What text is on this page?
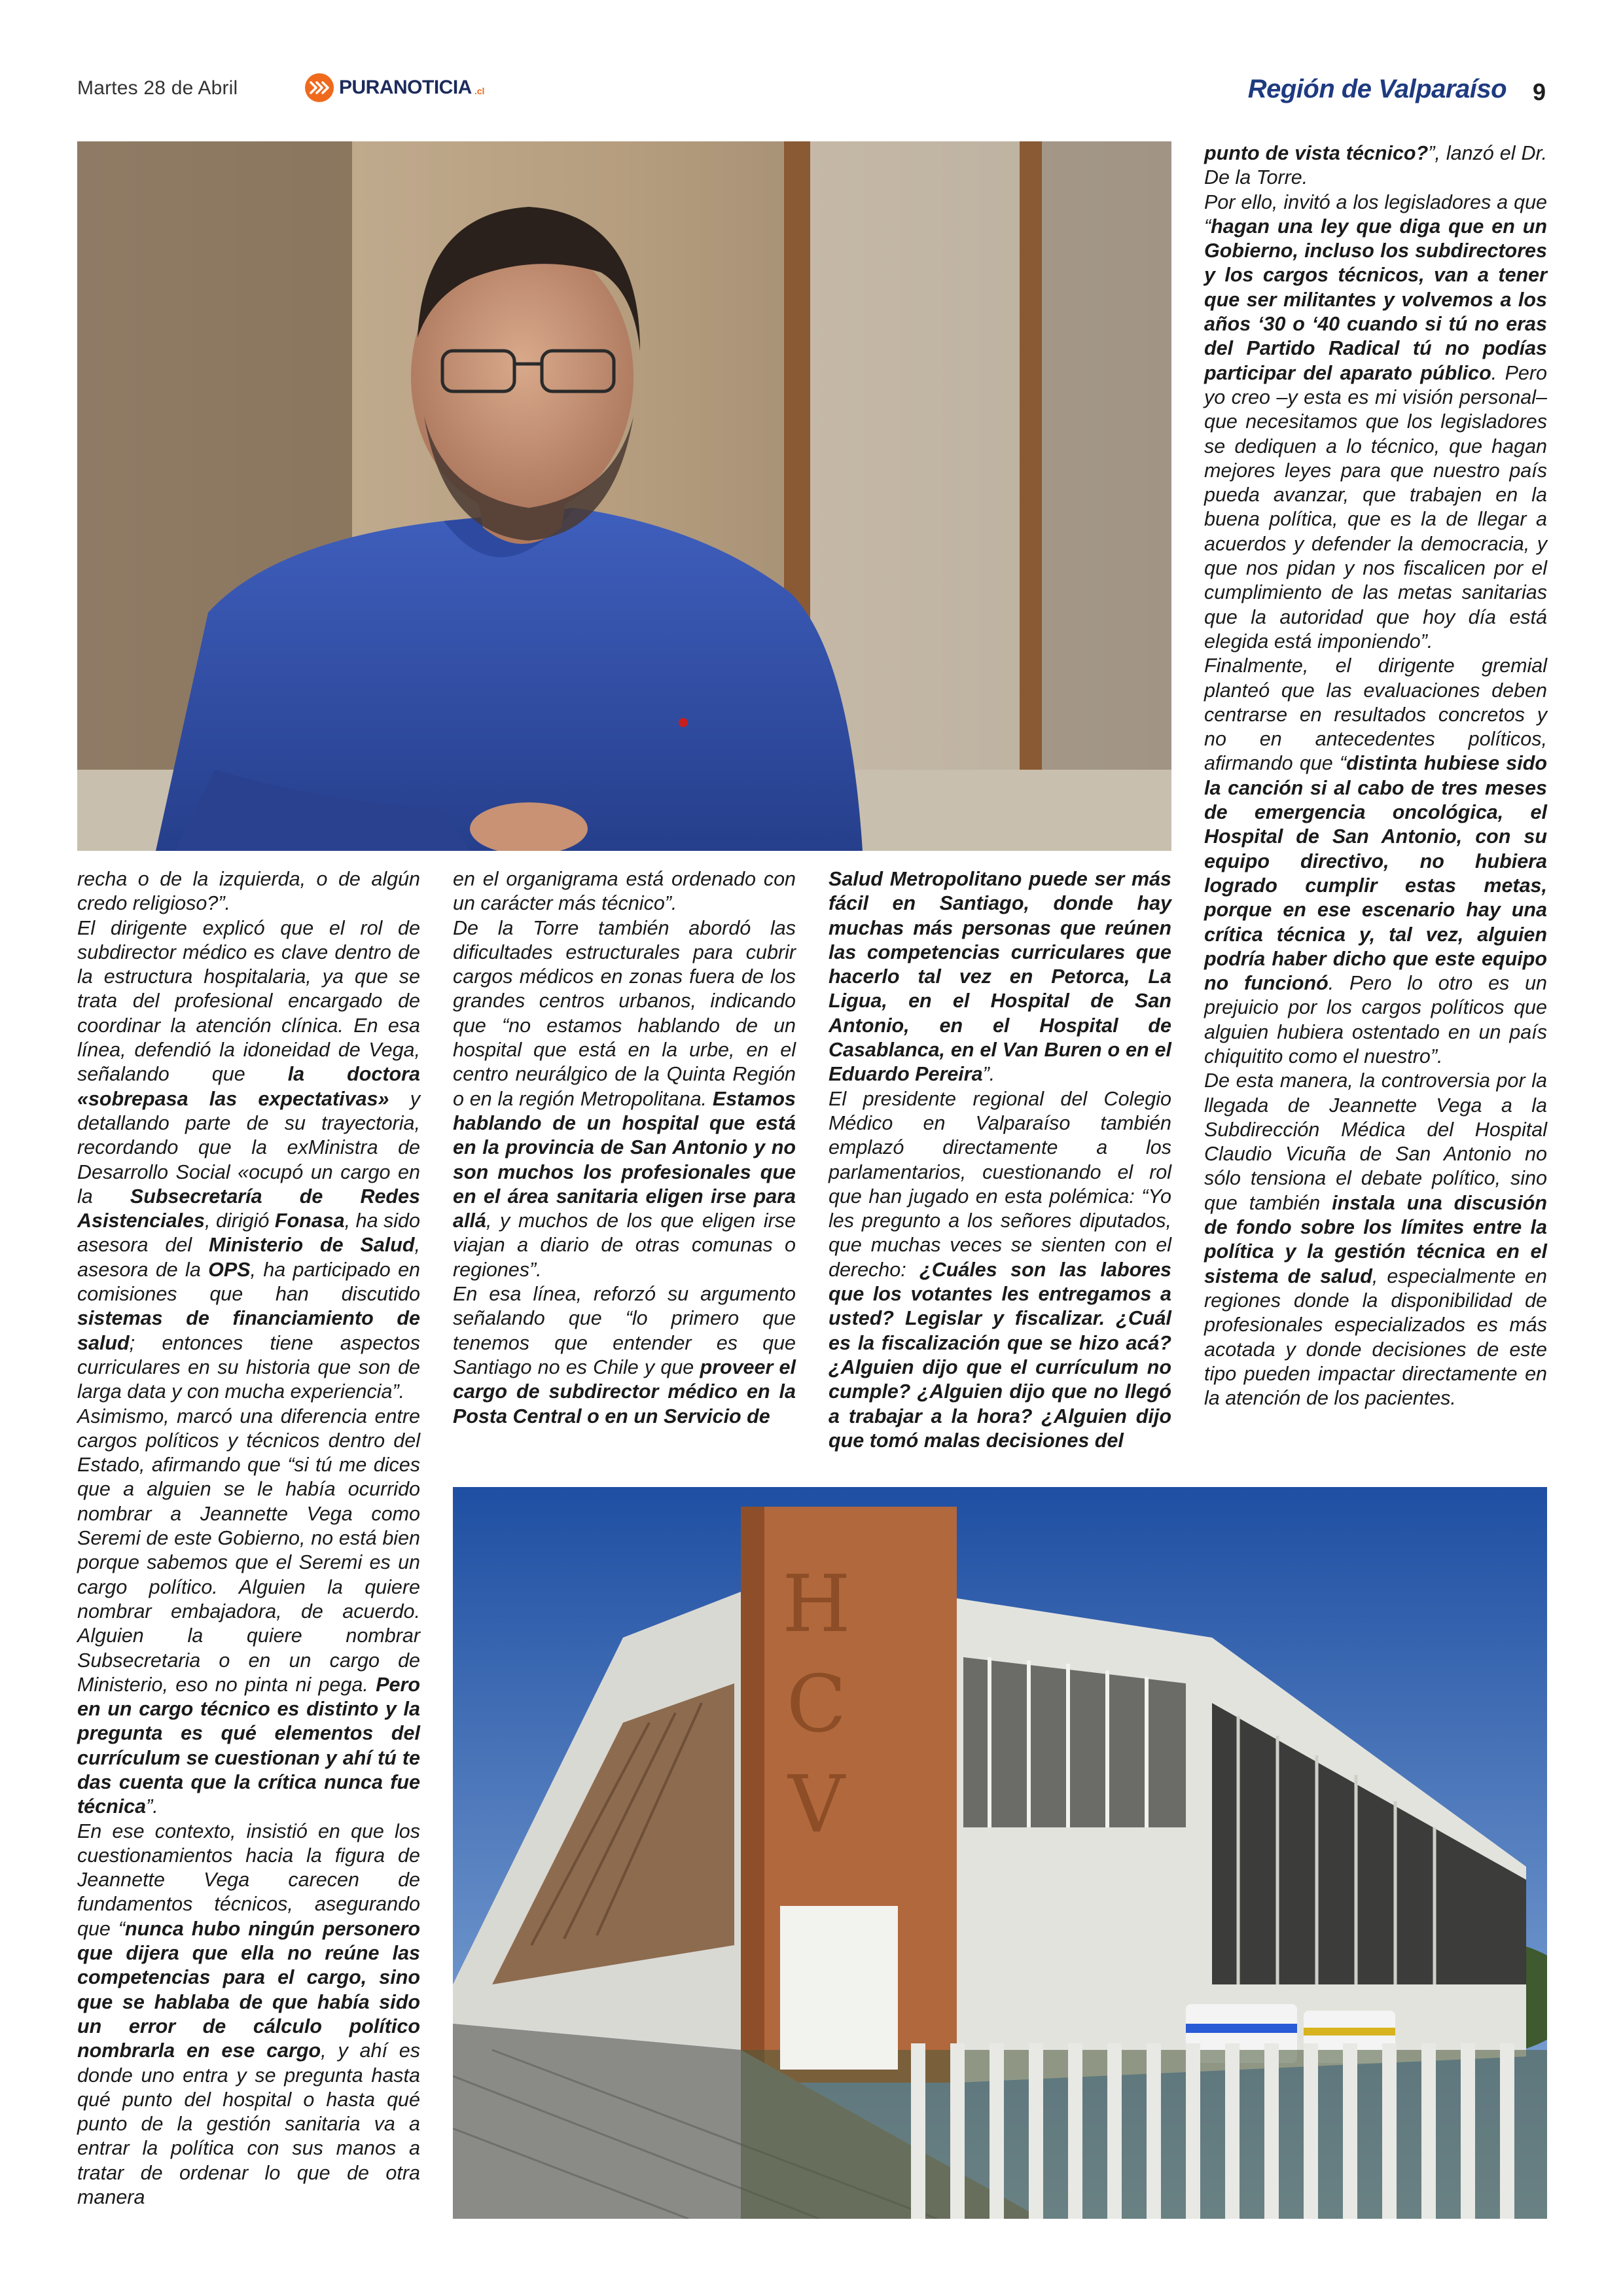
Martes 28 de Abril	PURANOTICIA .cl	Región de Valparaíso 9
HCV

recha o de la izquierda, o de algún credo religioso?”.

El dirigente explicó que el rol de subdirector médico es clave dentro de la estructura hospitalaria, ya que se trata del profesional encargado de coordinar la atención clínica. En esa línea, defendió la idoneidad de Vega, señalando que la doctora «sobrepasa las expectativas» y detallando parte de su trayectoria, recordando que la exMinistra de Desarrollo Social «ocupó un cargo en la Subsecretaría de Redes Asistenciales, dirigió Fonasa, ha sido asesora del Ministerio de Salud, asesora de la OPS, ha participado en comisiones que han discutido sistemas de financiamiento de salud; entonces tiene aspectos curriculares en su historia que son de larga data y con mucha experiencia”.

Asimismo, marcó una diferencia entre cargos políticos y técnicos dentro del Estado, afirmando que “si tú me dices que a alguien se le había ocurrido nombrar a Jeannette Vega como Seremi de este Gobierno, no está bien porque sabemos que el Seremi es un cargo político. Alguien la quiere nombrar embajadora, de acuerdo. Alguien la quiere nombrar Subsecretaria o en un cargo de Ministerio, eso no pinta ni pega. Pero en un cargo técnico es distinto y la pregunta es qué elementos del currículum se cuestionan y ahí tú te das cuenta que la crítica nunca fue técnica”.

En ese contexto, insistió en que los cuestionamientos hacia la figura de Jeannette Vega carecen de fundamentos técnicos, asegurando que “nunca hubo ningún personero que dijera que ella no reúne las competencias para el cargo, sino que se hablaba de que había sido un error de cálculo político nombrarla en ese cargo, y ahí es donde uno entra y se pregunta hasta qué punto del hospital o hasta qué punto de la gestión sanitaria va a entrar la política con sus manos a tratar de ordenar lo que de otra manera

en el organigrama está ordenado con un carácter más técnico”.

De la Torre también abordó las dificultades estructurales para cubrir cargos médicos en zonas fuera de los grandes centros urbanos, indicando que “no estamos hablando de un hospital que está en la urbe, en el centro neurálgico de la Quinta Región o en la región Metropolitana. Estamos hablando de un hospital que está en la provincia de San Antonio y no son muchos los profesionales que en el área sanitaria eligen irse para allá, y muchos de los que eligen irse viajan a diario de otras comunas o regiones”.

En esa línea, reforzó su argumento señalando que “lo primero que tenemos que entender es que Santiago no es Chile y que proveer el cargo de subdirector médico en la Posta Central o en un Servicio de

Salud Metropolitano puede ser más fácil en Santiago, donde hay muchas más personas que reúnen las competencias curriculares que hacerlo tal vez en Petorca, La Ligua, en el Hospital de San Antonio, en el Hospital de Casablanca, en el Van Buren o en el Eduardo Pereira”.

El presidente regional del Colegio Médico en Valparaíso también emplazó directamente a los parlamentarios, cuestionando el rol que han jugado en esta polémica: “Yo les pregunto a los señores diputados, que muchas veces se sienten con el derecho: ¿Cuáles son las labores que los votantes les entregamos a usted? Legislar y fiscalizar. ¿Cuál es la fiscalización que se hizo acá? ¿Alguien dijo que el currículum no cumple? ¿Alguien dijo que no llegó a trabajar a la hora? ¿Alguien dijo que tomó malas decisiones del

punto de vista técnico?”, lanzó el Dr. De la Torre.

Por ello, invitó a los legisladores a que “hagan una ley que diga que en un Gobierno, incluso los subdirectores y los cargos técnicos, van a tener que ser militantes y volvemos a los años ‘30 o ‘40 cuando si tú no eras del Partido Radical tú no podías participar del aparato público. Pero yo creo –y esta es mi visión personal– que necesitamos que los legisladores se dediquen a lo técnico, que hagan mejores leyes para que nuestro país pueda avanzar, que trabajen en la buena política, que es la de llegar a acuerdos y defender la democracia, y que nos pidan y nos fiscalicen por el cumplimiento de las metas sanitarias que la autoridad que hoy día está elegida está imponiendo”.

Finalmente, el dirigente gremial planteó que las evaluaciones deben centrarse en resultados concretos y no en antecedentes políticos, afirmando que “distinta hubiese sido la canción si al cabo de tres meses de emergencia oncológica, el Hospital de San Antonio, con su equipo directivo, no hubiera logrado cumplir estas metas, porque en ese escenario hay una crítica técnica y, tal vez, alguien podría haber dicho que este equipo no funcionó. Pero lo otro es un prejuicio por los cargos políticos que alguien hubiera ostentado en un país chiquitito como el nuestro”.

De esta manera, la controversia por la llegada de Jeannette Vega a la Subdirección Médica del Hospital Claudio Vicuña de San Antonio no sólo tensiona el debate político, sino que también instala una discusión de fondo sobre los límites entre la política y la gestión técnica en el sistema de salud, especialmente en regiones donde la disponibilidad de profesionales especializados es más acotada y donde decisiones de este tipo pueden impactar directamente en la atención de los pacientes.
